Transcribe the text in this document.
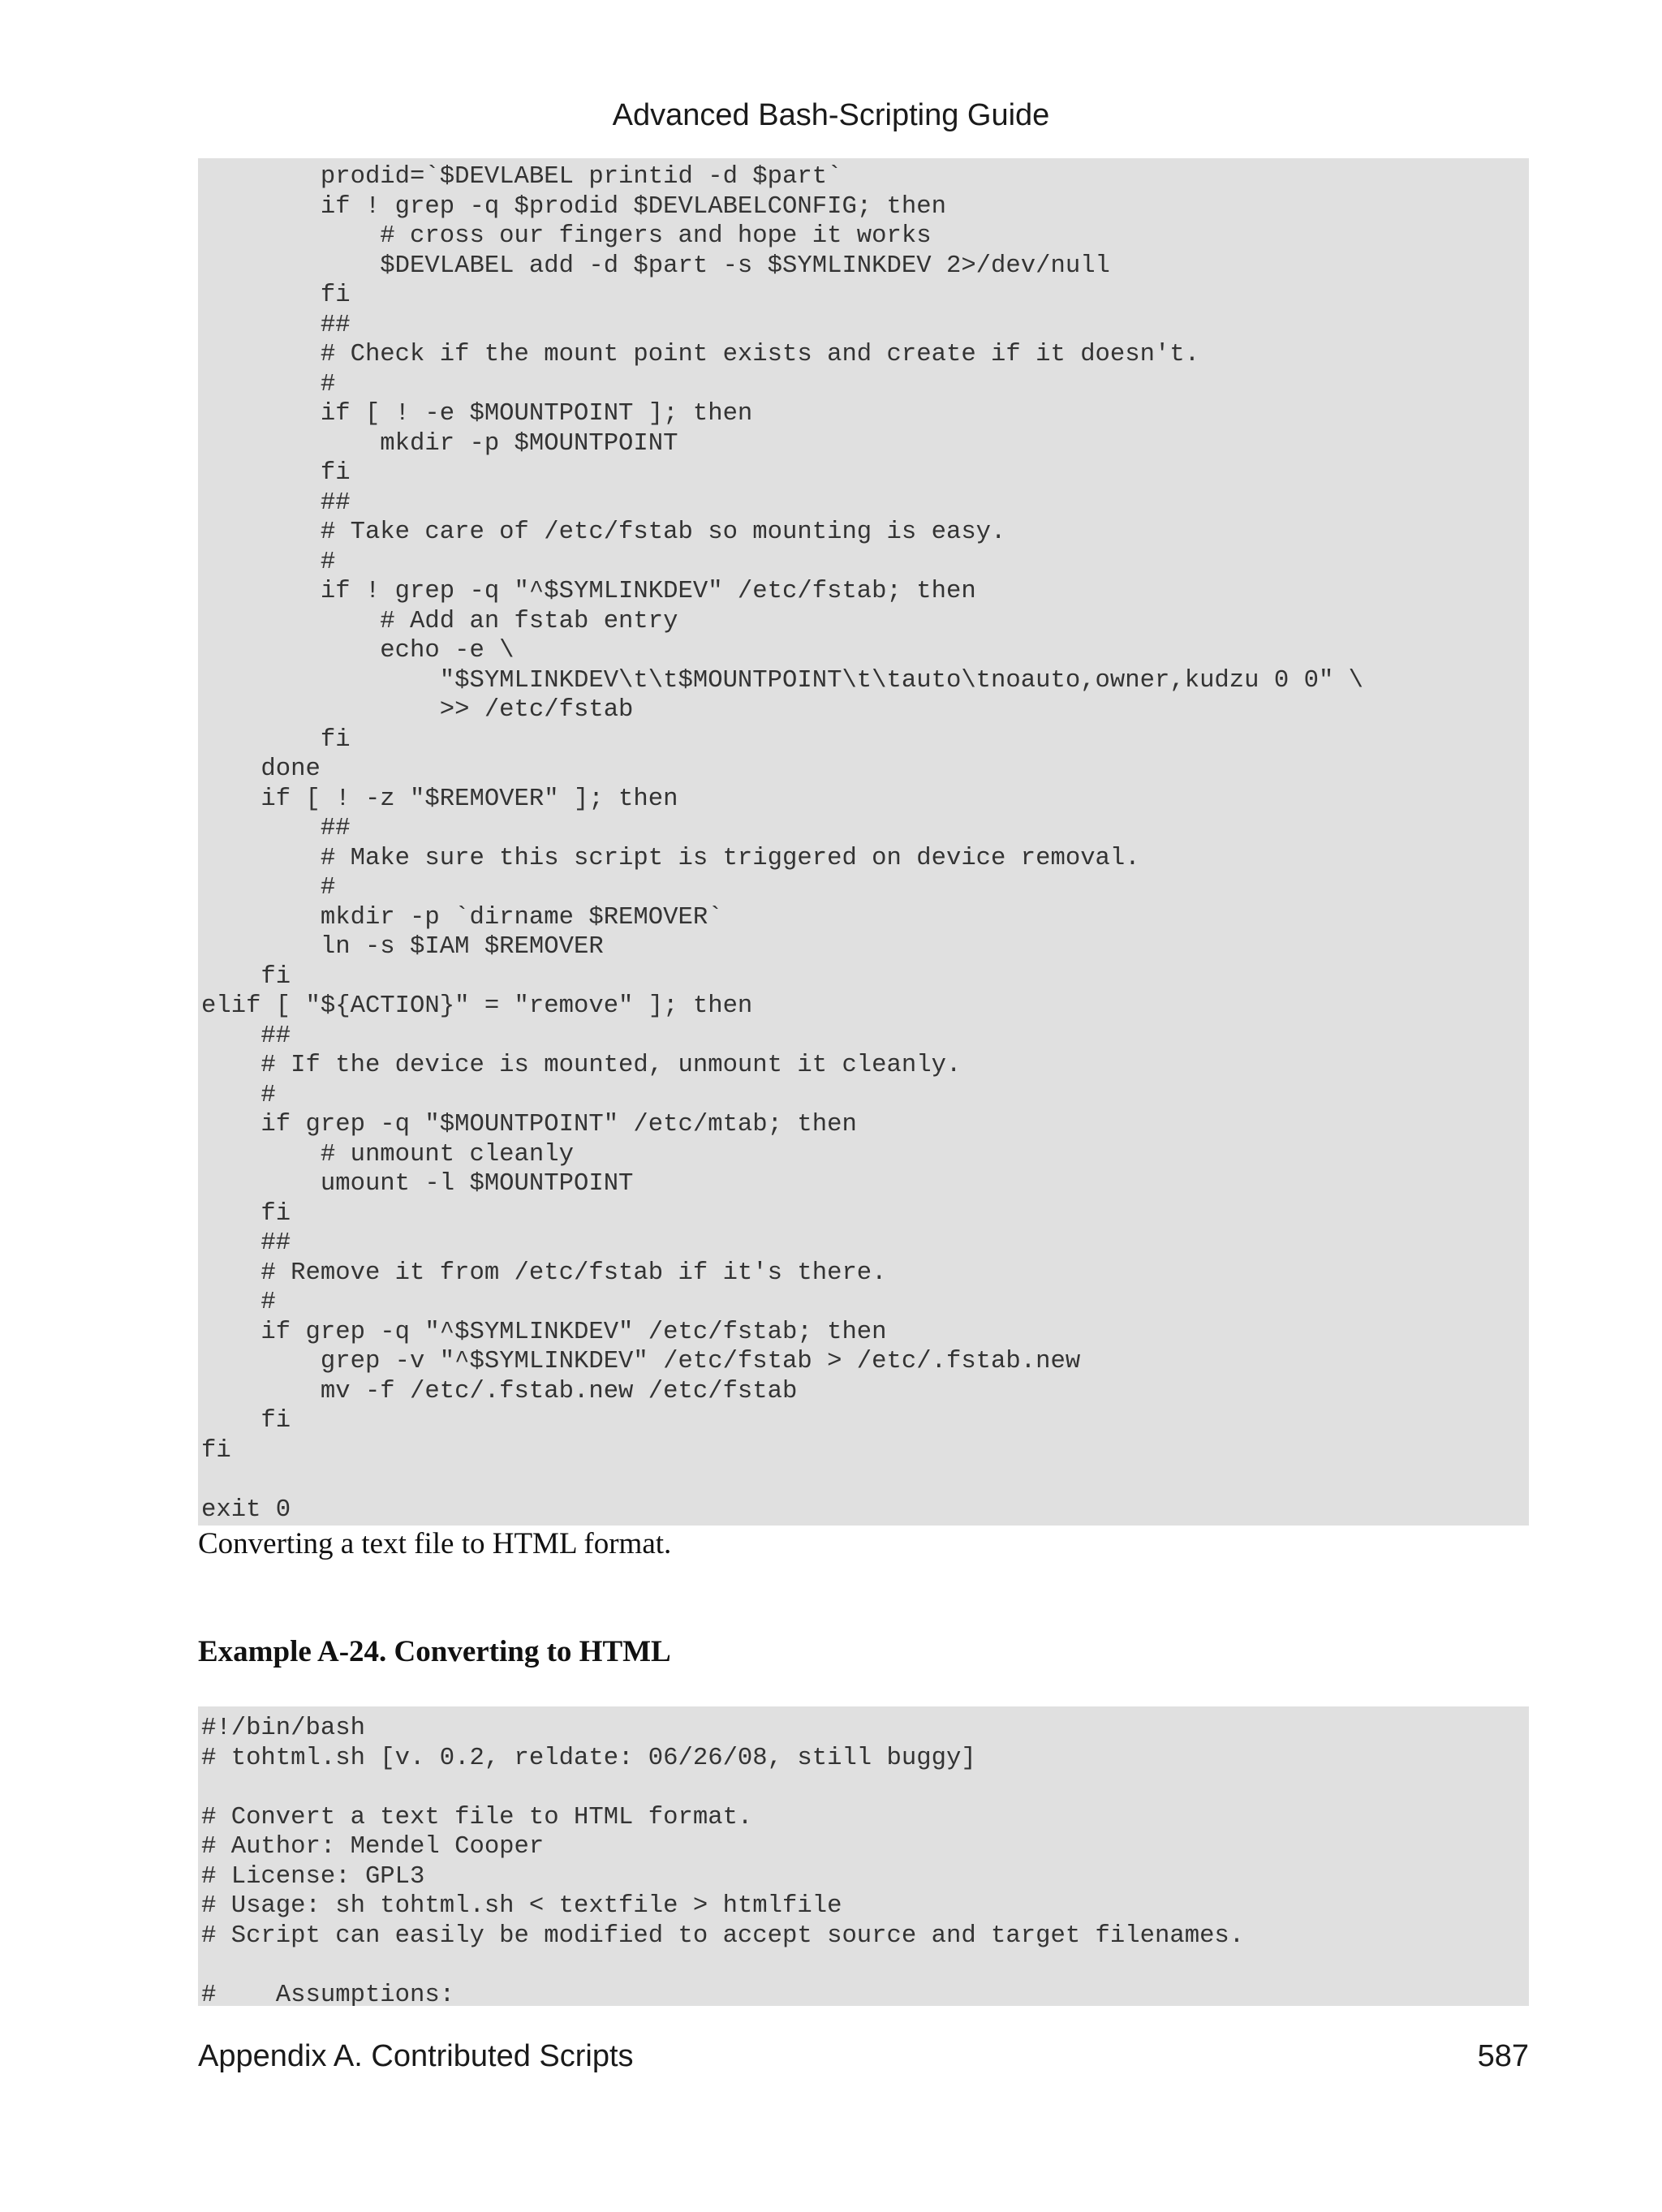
Advanced Bash-Scripting Guide
prodid=`$DEVLABEL printid -d $part`
if ! grep -q $prodid $DEVLABELCONFIG; then
# cross our fingers and hope it works
$DEVLABEL add -d $part -s $SYMLINKDEV 2>/dev/null
fi
##
# Check if the mount point exists and create if it doesn't.
#
if [ ! -e $MOUNTPOINT ]; then
mkdir -p $MOUNTPOINT
fi
##
# Take care of /etc/fstab so mounting is easy.
#
if ! grep -q "^$SYMLINKDEV" /etc/fstab; then
# Add an fstab entry
echo -e \
"$SYMLINKDEV\t\t$MOUNTPOINT\t\tauto\tnoauto,owner,kudzu 0 0" \
>> /etc/fstab
fi
done
if [ ! -z "$REMOVER" ]; then
##
# Make sure this script is triggered on device removal.
#
mkdir -p `dirname $REMOVER`
ln -s $IAM $REMOVER
fi
elif [ "${ACTION}" = "remove" ]; then
##
# If the device is mounted, unmount it cleanly.
#
if grep -q "$MOUNTPOINT" /etc/mtab; then
# unmount cleanly
umount -l $MOUNTPOINT
fi
##
# Remove it from /etc/fstab if it's there.
#
if grep -q "^$SYMLINKDEV" /etc/fstab; then
grep -v "^$SYMLINKDEV" /etc/fstab > /etc/.fstab.new
mv -f /etc/.fstab.new /etc/fstab
fi
fi
exit 0
Converting a text file to HTML format.
Example A-24. Converting to HTML
#!/bin/bash
# tohtml.sh [v. 0.2, reldate: 06/26/08, still buggy]
# Convert a text file to HTML format.
# Author: Mendel Cooper
# License: GPL3
# Usage: sh tohtml.sh < textfile > htmlfile
# Script can easily be modified to accept source and target filenames.
#    Assumptions:
Appendix A. Contributed Scripts	587
